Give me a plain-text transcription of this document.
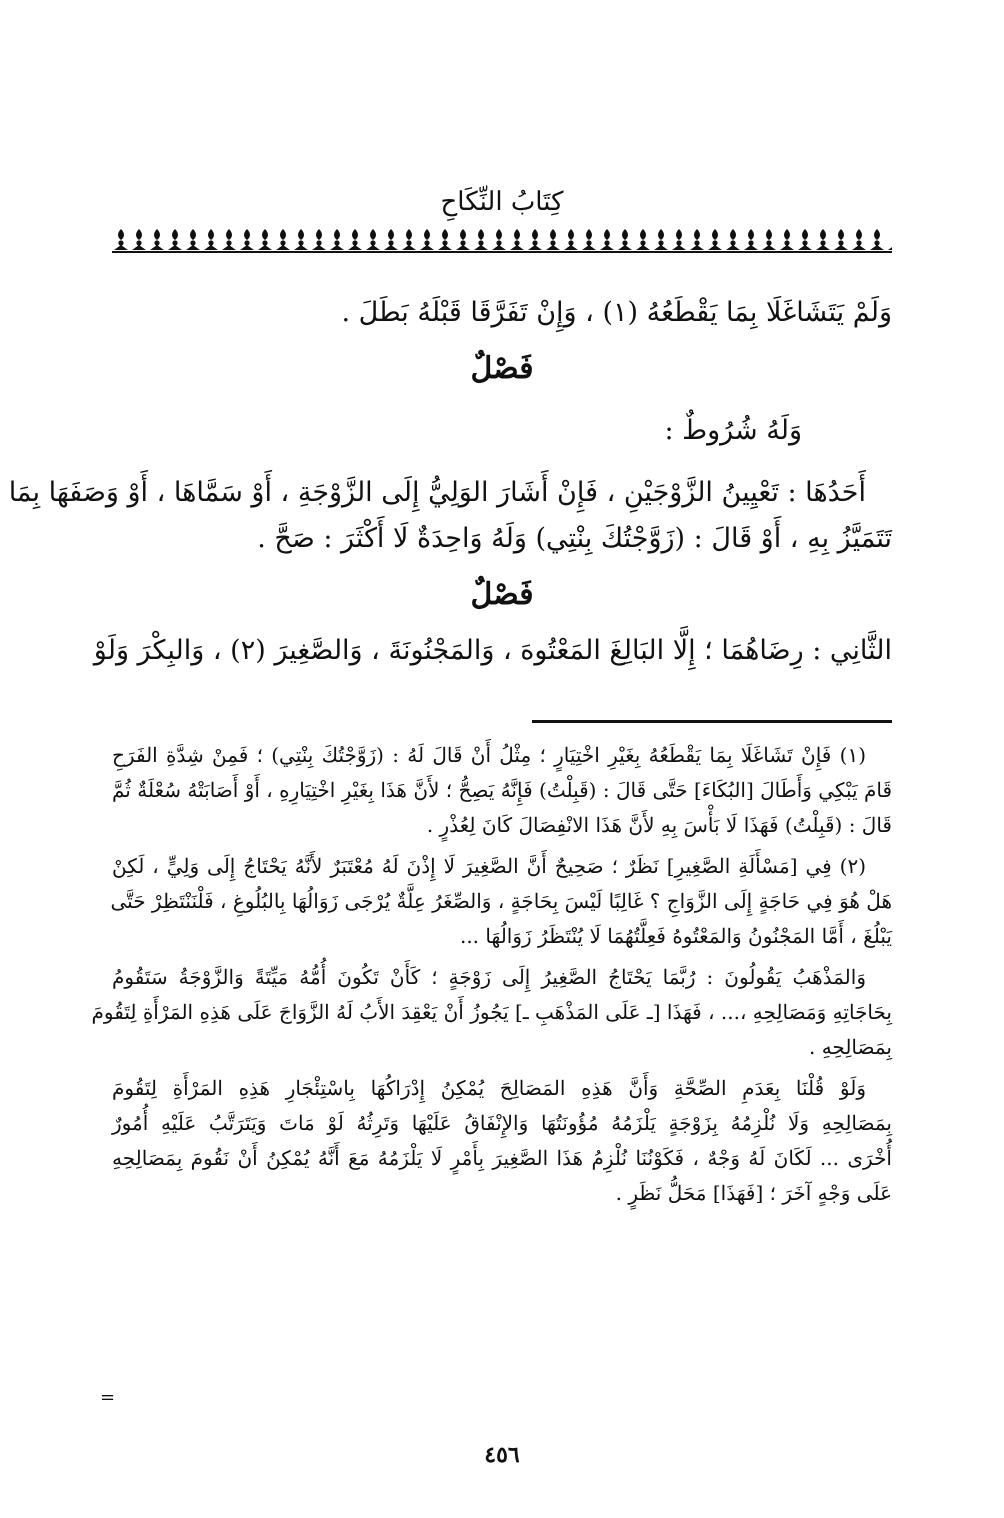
كِتَابُ النِّكَاحِ
وَلَمْ يَتَشَاغَلَا بِمَا يَقْطَعُهُ (١) ، وَإِنْ تَفَرَّقَا قَبْلَهُ بَطَلَ .
فَصْلٌ
وَلَهُ شُرُوطٌ :
أَحَدُهَا : تَعْيِينُ الزَّوْجَيْنِ ، فَإِنْ أَشَارَ الوَلِيُّ إِلَى الزَّوْجَةِ ، أَوْ سَمَّاهَا ، أَوْ وَصَفَهَا بِمَا
تَتَمَيَّزُ بِهِ ، أَوْ قَالَ : (زَوَّجْتُكَ بِنْتِي) وَلَهُ وَاحِدَةٌ لَا أَكْثَرَ : صَحَّ .
فَصْلٌ
الثَّانِي : رِضَاهُمَا ؛ إِلَّا البَالِغَ المَعْتُوهَ ، وَالمَجْنُونَةَ ، وَالصَّغِيرَ (٢) ، وَالبِكْرَ وَلَوْ
(١) فَإِنْ تَشَاغَلَا بِمَا يَقْطَعُهُ بِغَيْرِ اخْتِيَارٍ ؛ مِثْلُ أَنْ قَالَ لَهُ : (زَوَّجْتُكَ بِنْتِي) ؛ فَمِنْ شِدَّةِ الفَرَحِ
قَامَ يَبْكِي وَأَطَالَ [البُكَاءَ] حَتَّى قَالَ : (قَبِلْتُ) فَإِنَّهُ يَصِحُّ ؛ لأَنَّ هَذَا بِغَيْرِ اخْتِيَارِهِ ، أَوْ أَصَابَتْهُ سُعْلَةٌ ثُمَّ
قَالَ : (قَبِلْتُ) فَهَذَا لَا بَأْسَ بِهِ لأَنَّ هَذَا الانْفِصَالَ كَانَ لِعُذْرٍ .
(٢) فِي [مَسْأَلَةِ الصَّغِيرِ] نَظَرٌ ؛ صَحِيحٌ أَنَّ الصَّغِيرَ لَا إِذْنَ لَهُ مُعْتَبَرٌ لأَنَّهُ يَحْتَاجُ إِلَى وَلِيٍّ ، لَكِنْ
هَلْ هُوَ فِي حَاجَةٍ إِلَى الزَّوَاجِ ؟ غَالِبًا لَيْسَ بِحَاجَةٍ ، وَالصِّغَرُ عِلَّةٌ يُرْجَى زَوَالُهَا بِالبُلُوغِ ، فَلْنَنْتَظِرْ حَتَّى
يَبْلُغَ ، أَمَّا المَجْنُونُ وَالمَعْتُوهُ فَعِلَّتُهُمَا لَا يُنْتَظَرُ زَوَالُهَا ...
وَالمَذْهَبُ يَقُولُونَ : رُبَّمَا يَحْتَاجُ الصَّغِيرُ إِلَى زَوْجَةٍ ؛ كَأَنْ تَكُونَ أُمُّهُ مَيِّتَةً وَالزَّوْجَةُ سَتَقُومُ
بِحَاجَاتِهِ وَمَصَالِحِهِ ،... ، فَهَذَا [ـ عَلَى المَذْهَبِ ـ] يَجُوزُ أَنْ يَعْقِدَ الأَبُ لَهُ الزَّوَاجَ عَلَى هَذِهِ المَرْأَةِ لِتَقُومَ
بِمَصَالِحِهِ .
وَلَوْ قُلْنَا بِعَدَمِ الصِّحَّةِ وَأَنَّ هَذِهِ المَصَالِحَ يُمْكِنُ إِدْرَاكُهَا بِاسْتِئْجَارِ هَذِهِ المَرْأَةِ لِتَقُومَ
بِمَصَالِحِهِ وَلَا نُلْزِمُهُ بِزَوْجَةٍ يَلْزَمُهُ مُؤُونَتُهَا وَالإِنْفَاقُ عَلَيْهَا وَتَرِثُهُ لَوْ مَاتَ وَيَتَرَتَّبُ عَلَيْهِ أُمُورٌ
أُخْرَى ... لَكَانَ لَهُ وَجْهٌ ، فَكَوْنُنَا نُلْزِمُ هَذَا الصَّغِيرَ بِأَمْرٍ لَا يَلْزَمُهُ مَعَ أَنَّهُ يُمْكِنُ أَنْ نَقُومَ بِمَصَالِحِهِ
عَلَى وَجْهٍ آخَرَ ؛ [فَهَذَا] مَحَلُّ نَظَرٍ .
=
٤٥٦
